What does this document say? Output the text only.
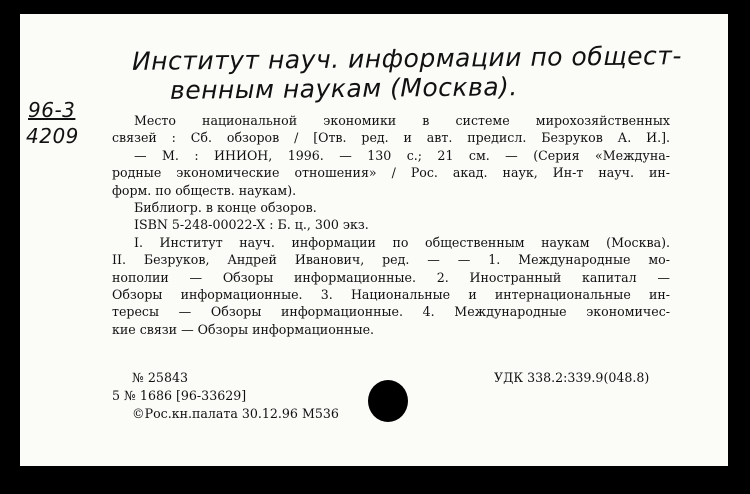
Институт науч. информации по общест-
венным наукам (Москва).
96-3
4209
Место национальной экономики в системе мирохозяйственных
связей : Сб. обзоров / [Отв. ред. и авт. предисл. Безруков А. И.].
— М. : ИНИОН, 1996. — 130 с.; 21 см. — (Серия «Междуна-
родные экономические отношения» / Рос. акад. наук, Ин-т науч. ин-
форм. по обществ. наукам).
Библиогр. в конце обзоров.
ISBN 5-248-00022-X : Б. ц., 300 экз.
I. Институт науч. информации по общественным наукам (Москва).
II. Безруков, Андрей Иванович, ред. — — 1. Международные мо-
нополии — Обзоры информационные. 2. Иностранный капитал —
Обзоры информационные. 3. Национальные и интернациональные ин-
тересы — Обзоры информационные. 4. Международные экономичес-
кие связи — Обзоры информационные.
№ 25843	УДК 338.2:339.9(048.8)
5 № 1686 [96-33629]
©Рос.кн.палата 30.12.96 М536
